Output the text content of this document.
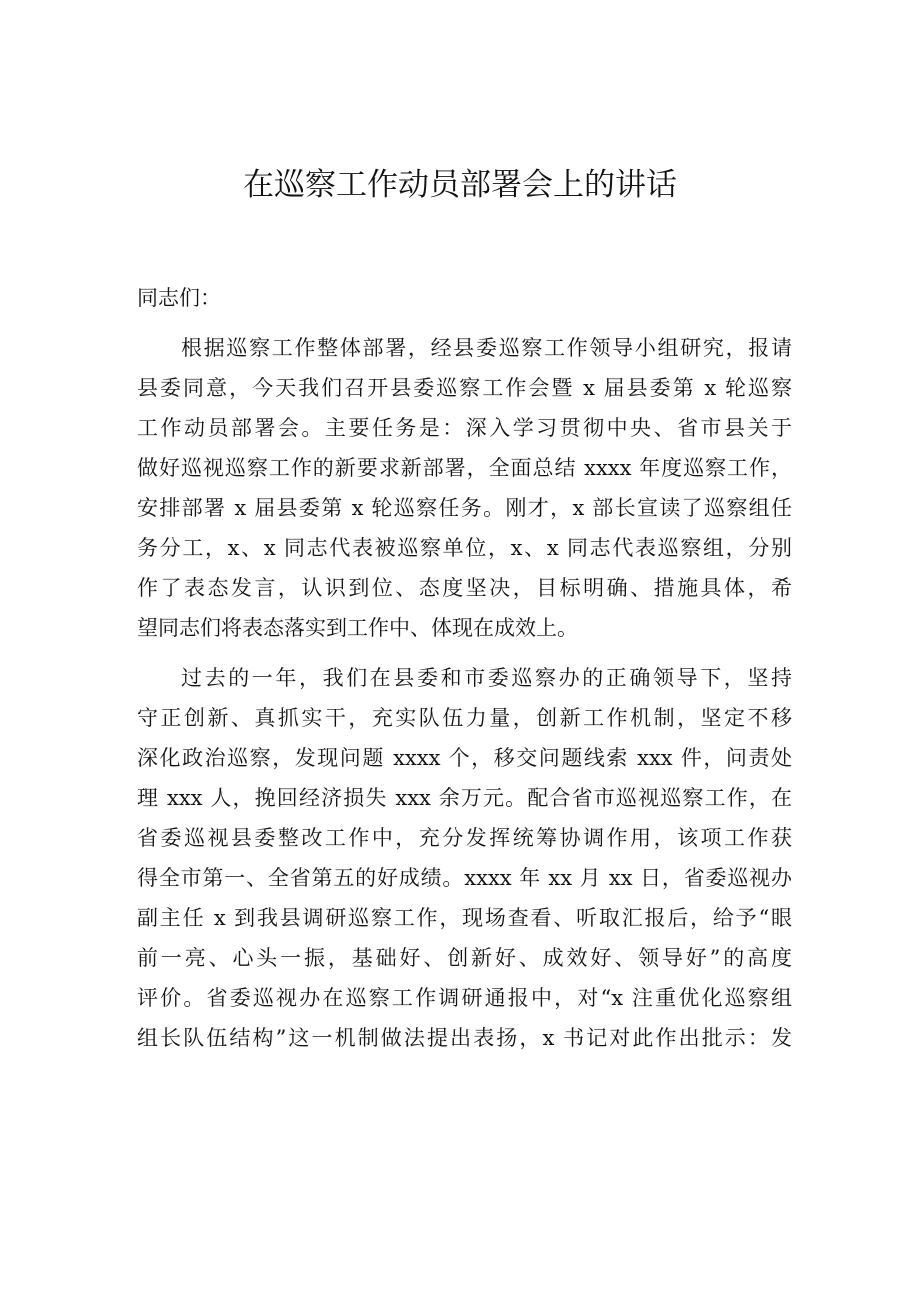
在巡察工作动员部署会上的讲话

同志们：

根据巡察工作整体部署，经县委巡察工作领导小组研究，报请
县委同意，今天我们召开县委巡察工作会暨 x 届县委第 x 轮巡察
工作动员部署会。主要任务是：深入学习贯彻中央、省市县关于
做好巡视巡察工作的新要求新部署，全面总结 xxxx 年度巡察工作，
安排部署 x 届县委第 x 轮巡察任务。刚才，x 部长宣读了巡察组任
务分工，x、x 同志代表被巡察单位，x、x 同志代表巡察组，分别
作了表态发言，认识到位、态度坚决，目标明确、措施具体，希
望同志们将表态落实到工作中、体现在成效上。

过去的一年，我们在县委和市委巡察办的正确领导下，坚持
守正创新、真抓实干，充实队伍力量，创新工作机制，坚定不移
深化政治巡察，发现问题 xxxx 个，移交问题线索 xxx 件，问责处
理 xxx 人，挽回经济损失 xxx 余万元。配合省市巡视巡察工作，在
省委巡视县委整改工作中，充分发挥统筹协调作用，该项工作获
得全市第一、全省第五的好成绩。xxxx 年 xx 月 xx 日，省委巡视办
副主任 x 到我县调研巡察工作，现场查看、听取汇报后，给予“眼
前一亮、心头一振，基础好、创新好、成效好、领导好”的高度
评价。省委巡视办在巡察工作调研通报中，对“x 注重优化巡察组
组长队伍结构”这一机制做法提出表扬，x 书记对此作出批示：发
